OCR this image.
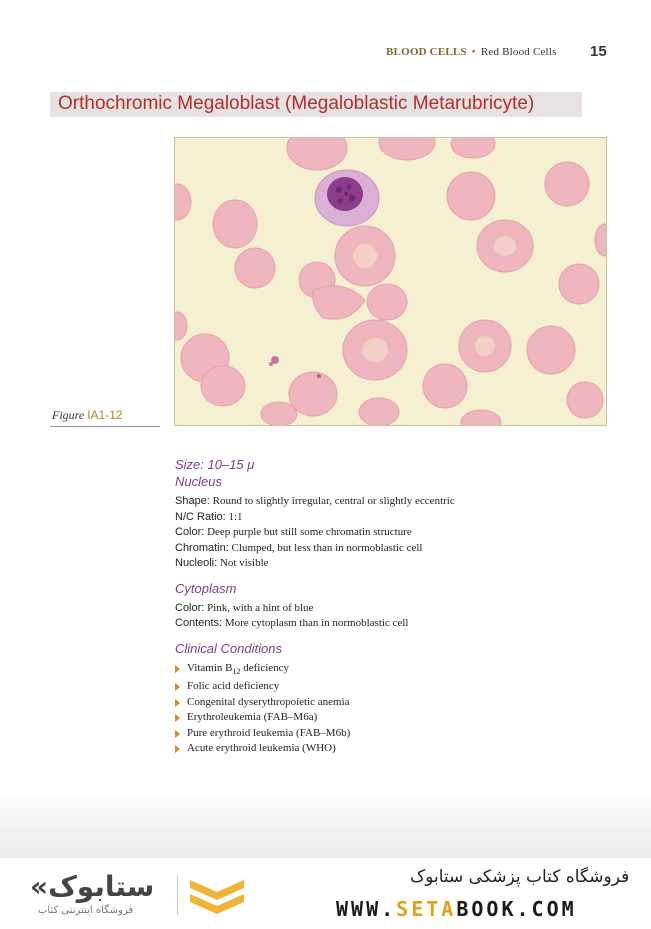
BLOOD CELLS • Red Blood Cells 15
Orthochromic Megaloblast (Megaloblastic Metarubricyte)
Figure IA1-12

Size: 10–15 μ

Nucleus

Shape: Round to slightly irregular, central or slightly eccentric
N/C Ratio: 1:1
Color: Deep purple but still some chromatin structure
Chromatin: Clumped, but less than in normoblastic cell
Nucleoli: Not visible

Cytoplasm

Color: Pink, with a hint of blue
Contents: More cytoplasm than in normoblastic cell

Clinical Conditions

Vitamin $B_{12}$ deficiency
Folic acid deficiency
Congenital dyserythropoietic anemia
Erythroleukemia (FAB–M6a)
Pure erythroid leukemia (FAB–M6b)
Acute erythroid leukemia (WHO)
«ستابوک
فروشگاه اینترنتی کتاب
فروشگاه کتاب پزشکی ستابوک
WWW.SETABOOK.COM
